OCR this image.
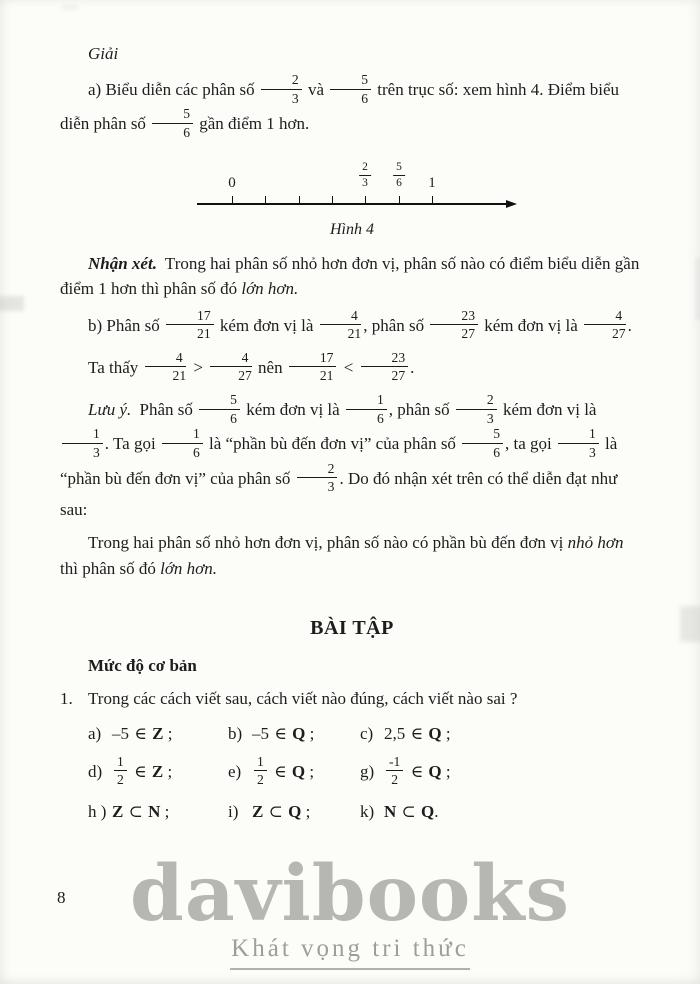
Giải

a) Biểu diễn các phân số $\frac{2}{3}$ và $\frac{5}{6}$ trên trục số: xem hình 4. Điểm biểu diễn phân số $\frac{5}{6}$ gần điểm 1 hơn.

0	$\frac{2}{3} \frac{5}{6} 1$
Hình 4

Nhận xét. Trong hai phân số nhỏ hơn đơn vị, phân số nào có điểm biểu diễn gần điểm 1 hơn thì phân số đó lớn hơn.

b) Phân số $\frac{17}{21}$ kém đơn vị là $\frac{4}{21}$ , phân số $\frac{23}{27}$ kém đơn vị là $\frac{4}{27}$ .

Ta thấy $\frac{4}{21} > \frac{4}{27}$ nên $\frac{17}{21} < \frac{23}{27}$ .

Lưu ý. Phân số $\frac{5}{6}$ kém đơn vị là $\frac{1}{6}$ , phân số $\frac{2}{3}$ kém đơn vị là
$\frac{1}{3}$ . Ta gọi $\frac{1}{6}$ là “phần bù đến đơn vị” của phân số $\frac{5}{6}$ , ta gọi $\frac{1}{3}$ là “phần bù đến đơn vị” của phân số $\frac{2}{3}$ . Do đó nhận xét trên có thể diễn đạt như sau:

Trong hai phân số nhỏ hơn đơn vị, phân số nào có phần bù đến đơn vị nhỏ hơn thì phân số đó lớn hơn.

BÀI TẬP

Mức độ cơ bản

1. Trong các cách viết sau, cách viết nào đúng, cách viết nào sai ?

a) –5 ∈ Z ;	b) –5 ∈ Q ;	c) 2,5 ∈ Q ;
$d) \frac{1}{2}$ ∈ Z ;	$e) \frac{1}{2}$ ∈ Q ;	$g) \frac{-1}{2}$ ∈ Q ;
h ) Z ⊂ N ;	i) Z ⊂ Q ;	k) N ⊂ Q.
8 davibooks
Khát vọng tri thức
